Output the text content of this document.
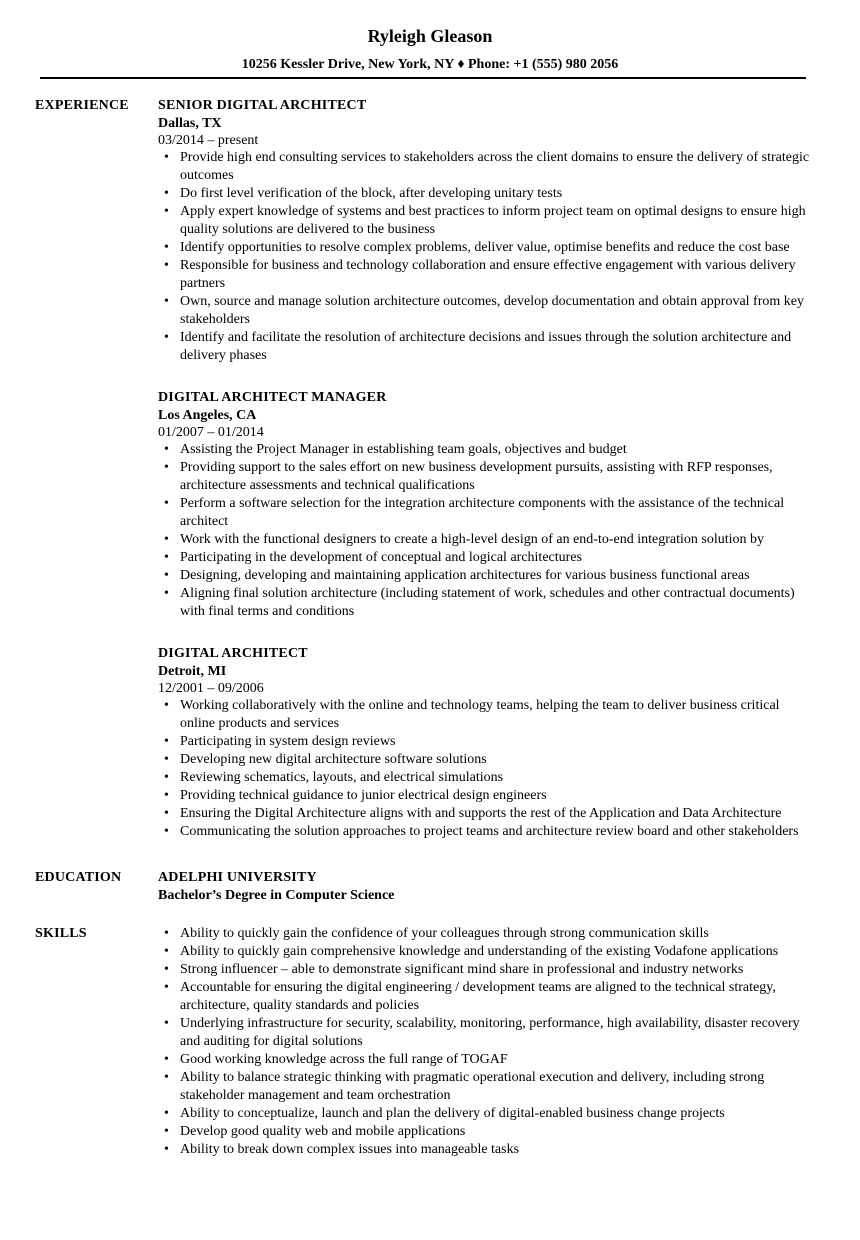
Ryleigh Gleason
10256 Kessler Drive, New York, NY ♦ Phone: +1 (555) 980 2056
EXPERIENCE	SENIOR DIGITAL ARCHITECT
Dallas, TX
03/2014 – present
• Provide high end consulting services to stakeholders across the client domains to ensure the delivery of strategic outcomes
• Do first level verification of the block, after developing unitary tests
• Apply expert knowledge of systems and best practices to inform project team on optimal designs to ensure high quality solutions are delivered to the business
• Identify opportunities to resolve complex problems, deliver value, optimise benefits and reduce the cost base
• Responsible for business and technology collaboration and ensure effective engagement with various delivery partners
• Own, source and manage solution architecture outcomes, develop documentation and obtain approval from key stakeholders
• Identify and facilitate the resolution of architecture decisions and issues through the solution architecture and delivery phases
DIGITAL ARCHITECT MANAGER
Los Angeles, CA
01/2007 – 01/2014
• Assisting the Project Manager in establishing team goals, objectives and budget
• Providing support to the sales effort on new business development pursuits, assisting with RFP responses, architecture assessments and technical qualifications
• Perform a software selection for the integration architecture components with the assistance of the technical architect
• Work with the functional designers to create a high-level design of an end-to-end integration solution by
• Participating in the development of conceptual and logical architectures
• Designing, developing and maintaining application architectures for various business functional areas
• Aligning final solution architecture (including statement of work, schedules and other contractual documents) with final terms and conditions
DIGITAL ARCHITECT
Detroit, MI
12/2001 – 09/2006
• Working collaboratively with the online and technology teams, helping the team to deliver business critical online products and services
• Participating in system design reviews
• Developing new digital architecture software solutions
• Reviewing schematics, layouts, and electrical simulations
• Providing technical guidance to junior electrical design engineers
• Ensuring the Digital Architecture aligns with and supports the rest of the Application and Data Architecture
• Communicating the solution approaches to project teams and architecture review board and other stakeholders
EDUCATION	ADELPHI UNIVERSITY
Bachelor’s Degree in Computer Science
SKILLS
•	Ability to quickly gain the confidence of your colleagues through strong communication skills
• Ability to quickly gain comprehensive knowledge and understanding of the existing Vodafone applications
• Strong influencer – able to demonstrate significant mind share in professional and industry networks
• Accountable for ensuring the digital engineering / development teams are aligned to the technical strategy, architecture, quality standards and policies
• Underlying infrastructure for security, scalability, monitoring, performance, high availability, disaster recovery and auditing for digital solutions
• Good working knowledge across the full range of TOGAF
• Ability to balance strategic thinking with pragmatic operational execution and delivery, including strong stakeholder management and team orchestration
• Ability to conceptualize, launch and plan the delivery of digital-enabled business change projects
• Develop good quality web and mobile applications
• Ability to break down complex issues into manageable tasks
